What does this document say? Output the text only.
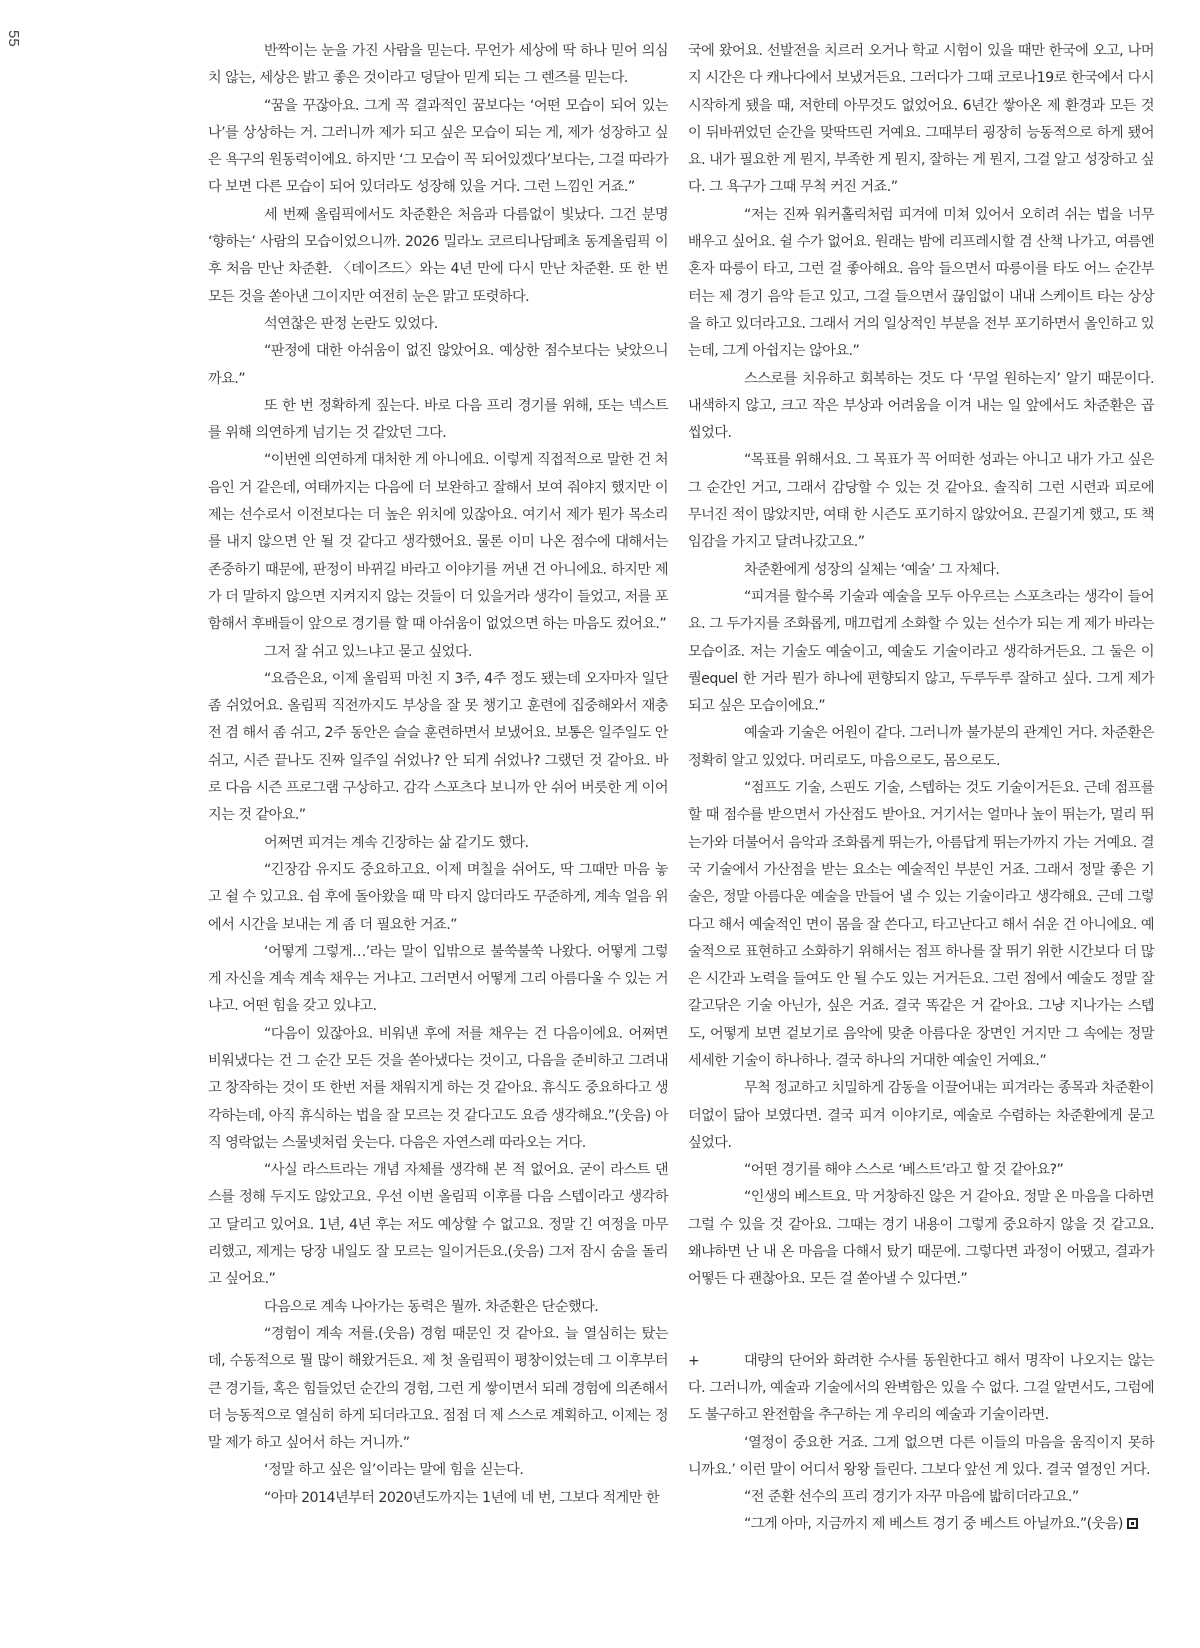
55

반짝이는 눈을 가진 사람을 믿는다. 무언가 세상에 딱 하나 믿어 의심치 않는, 세상은 밝고 좋은 것이라고 덩달아 믿게 되는 그 렌즈를 믿는다.

“꿈을 꾸잖아요. 그게 꼭 결과적인 꿈보다는 ‘어떤 모습이 되어 있는 나’를 상상하는 거. 그러니까 제가 되고 싶은 모습이 되는 게, 제가 성장하고 싶은 욕구의 원동력이에요. 하지만 ‘그 모습이 꼭 되어있겠다’보다는, 그걸 따라가다 보면 다른 모습이 되어 있더라도 성장해 있을 거다. 그런 느낌인 거죠.”

세 번째 올림픽에서도 차준환은 처음과 다름없이 빛났다. 그건 분명 ‘향하는’ 사람의 모습이었으니까. 2026 밀라노 코르티나담페초 동계올림픽 이후 처음 만난 차준환. 〈데이즈드〉와는 4년 만에 다시 만난 차준환. 또 한 번 모든 것을 쏟아낸 그이지만 여전히 눈은 맑고 또렷하다.

석연찮은 판정 논란도 있었다.

“판정에 대한 아쉬움이 없진 않았어요. 예상한 점수보다는 낮았으니까요.”

또 한 번 정확하게 짚는다. 바로 다음 프리 경기를 위해, 또는 넥스트를 위해 의연하게 넘기는 것 같았던 그다.

“이번엔 의연하게 대처한 게 아니에요. 이렇게 직접적으로 말한 건 처음인 거 같은데, 여태까지는 다음에 더 보완하고 잘해서 보여 줘야지 했지만 이제는 선수로서 이전보다는 더 높은 위치에 있잖아요. 여기서 제가 뭔가 목소리를 내지 않으면 안 될 것 같다고 생각했어요. 물론 이미 나온 점수에 대해서는 존중하기 때문에, 판정이 바뀌길 바라고 이야기를 꺼낸 건 아니에요. 하지만 제가 더 말하지 않으면 지켜지지 않는 것들이 더 있을거라 생각이 들었고, 저를 포함해서 후배들이 앞으로 경기를 할 때 아쉬움이 없었으면 하는 마음도 컸어요.”

그저 잘 쉬고 있느냐고 묻고 싶었다.

“요즘은요, 이제 올림픽 마친 지 3주, 4주 정도 됐는데 오자마자 일단 좀 쉬었어요. 올림픽 직전까지도 부상을 잘 못 챙기고 훈련에 집중해와서 재충전 겸 해서 좀 쉬고, 2주 동안은 슬슬 훈련하면서 보냈어요. 보통은 일주일도 안 쉬고, 시즌 끝나도 진짜 일주일 쉬었나? 안 되게 쉬었나? 그랬던 것 같아요. 바로 다음 시즌 프로그램 구상하고. 감각 스포츠다 보니까 안 쉬어 버릇한 게 이어지는 것 같아요.”

어쩌면 피겨는 계속 긴장하는 삶 같기도 했다.

“긴장감 유지도 중요하고요. 이제 며칠을 쉬어도, 딱 그때만 마음 놓고 쉴 수 있고요. 쉼 후에 돌아왔을 때 막 타지 않더라도 꾸준하게, 계속 얼음 위에서 시간을 보내는 게 좀 더 필요한 거죠.”

‘어떻게 그렇게…’라는 말이 입밖으로 불쑥불쑥 나왔다. 어떻게 그렇게 자신을 계속 계속 채우는 거냐고. 그러면서 어떻게 그리 아름다울 수 있는 거냐고. 어떤 힘을 갖고 있냐고.

“다음이 있잖아요. 비워낸 후에 저를 채우는 건 다음이에요. 어쩌면 비워냈다는 건 그 순간 모든 것을 쏟아냈다는 것이고, 다음을 준비하고 그려내고 창작하는 것이 또 한번 저를 채워지게 하는 것 같아요. 휴식도 중요하다고 생각하는데, 아직 휴식하는 법을 잘 모르는 것 같다고도 요즘 생각해요.”(웃음) 아직 영락없는 스물넷처럼 웃는다. 다음은 자연스레 따라오는 거다.

“사실 라스트라는 개념 자체를 생각해 본 적 없어요. 굳이 라스트 댄스를 정해 두지도 않았고요. 우선 이번 올림픽 이후를 다음 스텝이라고 생각하고 달리고 있어요. 1년, 4년 후는 저도 예상할 수 없고요. 정말 긴 여정을 마무리했고, 제게는 당장 내일도 잘 모르는 일이거든요.(웃음) 그저 잠시 숨을 돌리고 싶어요.”

다음으로 계속 나아가는 동력은 뭘까. 차준환은 단순했다.

“경험이 계속 저를.(웃음) 경험 때문인 것 같아요. 늘 열심히는 탔는데, 수동적으로 뭘 많이 해왔거든요. 제 첫 올림픽이 평창이었는데 그 이후부터 큰 경기들, 혹은 힘들었던 순간의 경험, 그런 게 쌓이면서 되레 경험에 의존해서 더 능동적으로 열심히 하게 되더라고요. 점점 더 제 스스로 계획하고. 이제는 정말 제가 하고 싶어서 하는 거니까.”

‘정말 하고 싶은 일’이라는 말에 힘을 싣는다.

“아마 2014년부터 2020년도까지는 1년에 네 번, 그보다 적게만 한

국에 왔어요. 선발전을 치르러 오거나 학교 시험이 있을 때만 한국에 오고, 나머지 시간은 다 캐나다에서 보냈거든요. 그러다가 그때 코로나19로 한국에서 다시 시작하게 됐을 때, 저한테 아무것도 없었어요. 6년간 쌓아온 제 환경과 모든 것이 뒤바뀌었던 순간을 맞딱뜨린 거예요. 그때부터 굉장히 능동적으로 하게 됐어요. 내가 필요한 게 뭔지, 부족한 게 뭔지, 잘하는 게 뭔지, 그걸 알고 성장하고 싶다. 그 욕구가 그때 무척 커진 거죠.”

“저는 진짜 워커홀릭처럼 피겨에 미쳐 있어서 오히려 쉬는 법을 너무 배우고 싶어요. 쉴 수가 없어요. 원래는 밤에 리프레시할 겸 산책 나가고, 여름엔 혼자 따릉이 타고, 그런 걸 좋아해요. 음악 들으면서 따릉이를 타도 어느 순간부터는 제 경기 음악 듣고 있고, 그걸 들으면서 끊임없이 내내 스케이트 타는 상상을 하고 있더라고요. 그래서 거의 일상적인 부분을 전부 포기하면서 올인하고 있는데, 그게 아쉽지는 않아요.”

스스로를 치유하고 회복하는 것도 다 ‘무얼 원하는지’ 알기 때문이다. 내색하지 않고, 크고 작은 부상과 어려움을 이겨 내는 일 앞에서도 차준환은 곱씹었다.

“목표를 위해서요. 그 목표가 꼭 어떠한 성과는 아니고 내가 가고 싶은 그 순간인 거고, 그래서 감당할 수 있는 것 같아요. 솔직히 그런 시련과 피로에 무너진 적이 많았지만, 여태 한 시즌도 포기하지 않았어요. 끈질기게 했고, 또 책임감을 가지고 달려나갔고요.”

차준환에게 성장의 실체는 ‘예술’ 그 자체다.

“피겨를 할수록 기술과 예술을 모두 아우르는 스포츠라는 생각이 들어요. 그 두가지를 조화롭게, 매끄럽게 소화할 수 있는 선수가 되는 게 제가 바라는 모습이죠. 저는 기술도 예술이고, 예술도 기술이라고 생각하거든요. 그 둘은 이퀄equel 한 거라 뭔가 하나에 편향되지 않고, 두루두루 잘하고 싶다. 그게 제가 되고 싶은 모습이에요.”

예술과 기술은 어원이 같다. 그러니까 불가분의 관계인 거다. 차준환은 정확히 알고 있었다. 머리로도, 마음으로도, 몸으로도.

“점프도 기술, 스핀도 기술, 스텝하는 것도 기술이거든요. 근데 점프를 할 때 점수를 받으면서 가산점도 받아요. 거기서는 얼마나 높이 뛰는가, 멀리 뛰는가와 더불어서 음악과 조화롭게 뛰는가, 아름답게 뛰는가까지 가는 거예요. 결국 기술에서 가산점을 받는 요소는 예술적인 부분인 거죠. 그래서 정말 좋은 기술은, 정말 아름다운 예술을 만들어 낼 수 있는 기술이라고 생각해요. 근데 그렇다고 해서 예술적인 면이 몸을 잘 쓴다고, 타고난다고 해서 쉬운 건 아니에요. 예술적으로 표현하고 소화하기 위해서는 점프 하나를 잘 뛰기 위한 시간보다 더 많은 시간과 노력을 들여도 안 될 수도 있는 거거든요. 그런 점에서 예술도 정말 잘 갈고닦은 기술 아닌가, 싶은 거죠. 결국 똑같은 거 같아요. 그냥 지나가는 스텝도, 어떻게 보면 겉보기로 음악에 맞춘 아름다운 장면인 거지만 그 속에는 정말 세세한 기술이 하나하나. 결국 하나의 거대한 예술인 거예요.”

무척 정교하고 치밀하게 감동을 이끌어내는 피겨라는 종목과 차준환이 더없이 닮아 보였다면. 결국 피겨 이야기로, 예술로 수렴하는 차준환에게 묻고 싶었다.

“어떤 경기를 해야 스스로 ‘베스트’라고 할 것 같아요?”

“인생의 베스트요. 막 거창하진 않은 거 같아요. 정말 온 마음을 다하면 그럴 수 있을 것 같아요. 그때는 경기 내용이 그렇게 중요하지 않을 것 같고요. 왜냐하면 난 내 온 마음을 다해서 탔기 때문에. 그렇다면 과정이 어땠고, 결과가 어떻든 다 괜찮아요. 모든 걸 쏟아낼 수 있다면.”

+	대량의 단어와 화려한 수사를 동원한다고 해서 명작이 나오지는 않는다. 그러니까, 예술과 기술에서의 완벽함은 있을 수 없다. 그걸 알면서도, 그럼에도 불구하고 완전함을 추구하는 게 우리의 예술과 기술이라면.

‘열정이 중요한 거죠. 그게 없으면 다른 이들의 마음을 움직이지 못하니까요.’ 이런 말이 어디서 왕왕 들린다. 그보다 앞선 게 있다. 결국 열정인 거다.

“전 준환 선수의 프리 경기가 자꾸 마음에 밟히더라고요.”

“그게 아마, 지금까지 제 베스트 경기 중 베스트 아닐까요.”(웃음)
